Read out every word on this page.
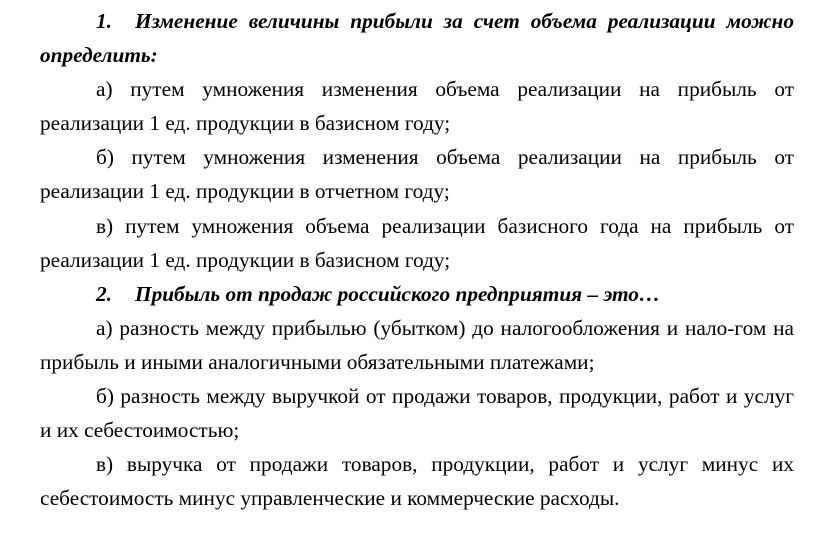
1. Изменение величины прибыли за счет объема реализации можно определить:

а) путем умножения изменения объема реализации на прибыль от реализации 1 ед. продукции в базисном году;

б) путем умножения изменения объема реализации на прибыль от реализации 1 ед. продукции в отчетном году;

в) путем умножения объема реализации базисного года на прибыль от реализации 1 ед. продукции в базисном году;

2. Прибыль от продаж российского предприятия – это…

а) разность между прибылью (убытком) до налогообложения и нало-гом на прибыль и иными аналогичными обязательными платежами;

б) разность между выручкой от продажи товаров, продукции, работ и услуг и их себестоимостью;

в) выручка от продажи товаров, продукции, работ и услуг минус их себестоимость минус управленческие и коммерческие расходы.
